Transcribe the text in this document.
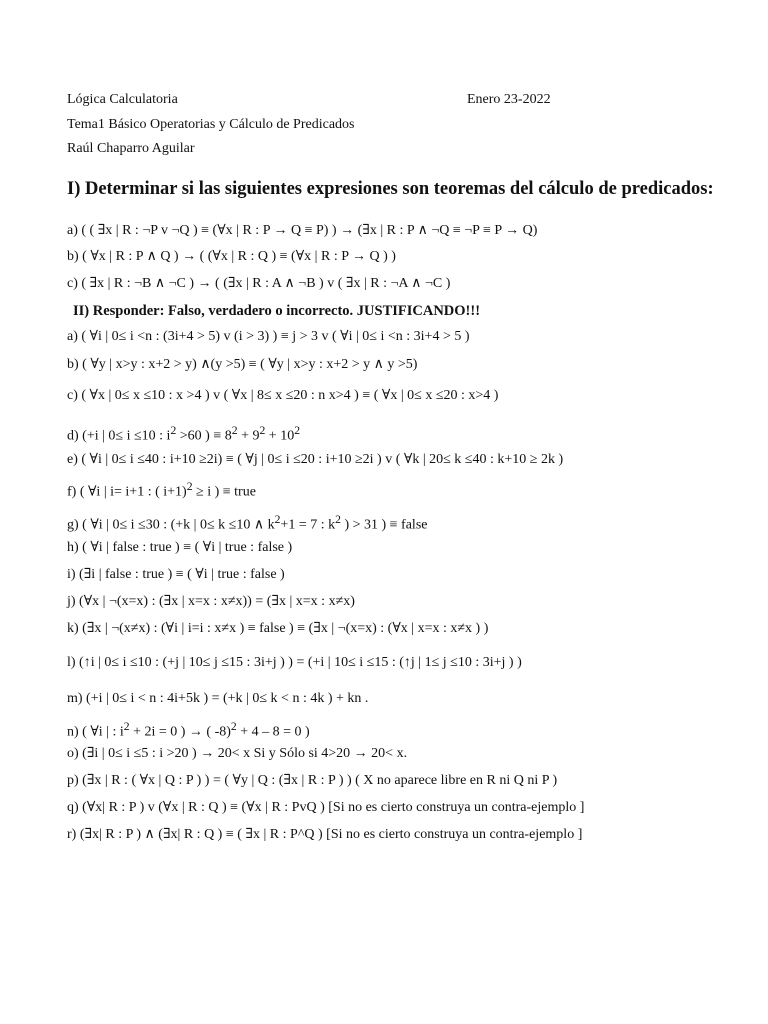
Lógica Calculatoria	Enero 23-2022
Tema1 Básico Operatorias y Cálculo de Predicados
Raúl Chaparro Aguilar
I) Determinar si las siguientes expresiones son teoremas del cálculo de predicados:
a) ( ( ∃x | R : ¬P v ¬Q ) ≡ (∀x | R : P → Q ≡ P) ) → (∃x | R : P ∧ ¬Q ≡ ¬P ≡ P → Q)
b) ( ∀x | R : P ∧ Q ) → ( (∀x | R : Q ) ≡ (∀x | R : P → Q ) )
c) ( ∃x | R : ¬B ∧ ¬C ) → ( (∃x | R : A ∧ ¬B ) v ( ∃x | R : ¬A ∧ ¬C )
II) Responder: Falso, verdadero o incorrecto. JUSTIFICANDO!!!
a) ( ∀i | 0≤ i <n : (3i+4 > 5) v (i > 3) ) ≡ j > 3 v ( ∀i | 0≤ i <n : 3i+4 > 5 )
b) ( ∀y | x>y : x+2 > y) ∧(y >5) ≡ ( ∀y | x>y : x+2 > y ∧ y >5)
c) ( ∀x | 0≤ x ≤10 : x >4 ) v ( ∀x | 8≤ x ≤20 : n x>4 ) ≡ ( ∀x | 0≤ x ≤20 : x>4 )
d) (+i | 0≤ i ≤10 : $i^2 >60$ ) ≡ $8^2 + 9^2 + 10^2$
e) ( ∀i | 0≤ i ≤40 : i+10 ≥2i) ≡ ( ∀j | 0≤ i ≤20 : i+10 ≥2i ) v ( ∀k | 20≤ k ≤40 : k+10 ≥ 2k )
f) ( ∀i | i= i+1 : ( i+1)$^2$ ≥ i ) ≡ true
g) ( ∀i | 0≤ i ≤30 : (+k | 0≤ k ≤10 ∧ $k^2+1 = 7$ : $k^2$ ) > 31 ) ≡ false
h) ( ∀i | false : true ) ≡ ( ∀i | true : false )
i) (∃i | false : true ) ≡ ( ∀i | true : false )
j) (∀x | ¬(x=x) : (∃x | x=x : x≠x)) = (∃x | x=x : x≠x)
k) (∃x | ¬(x≠x) : (∀i | i=i : x≠x ) ≡ false ) ≡ (∃x | ¬(x=x) : (∀x | x=x : x≠x ) )
l) (↑i | 0≤ i ≤10 : (+j | 10≤ j ≤15 : 3i+j ) ) = (+i | 10≤ i ≤15 : (↑j | 1≤ j ≤10 : 3i+j ) )
m) (+i | 0≤ i < n : 4i+5k ) = (+k | 0≤ k < n : 4k ) + kn .
n) ( ∀i | : $i^2 + 2i = 0$ ) → ( -8)$^2$ + 4 – 8 = 0 )
o) (∃i | 0≤ i ≤5 : i >20 ) → 20< x Si y Sólo si 4>20 → 20< x.
p) (∃x | R : ( ∀x | Q : P ) ) = ( ∀y | Q : (∃x | R : P ) ) ( X no aparece libre en R ni Q ni P )
q) (∀x| R : P ) v (∀x | R : Q ) ≡ (∀x | R : PvQ ) [Si no es cierto construya un contra-ejemplo ]
r) (∃x| R : P ) ∧ (∃x| R : Q ) ≡ ( ∃x | R : P^Q ) [Si no es cierto construya un contra-ejemplo ]
